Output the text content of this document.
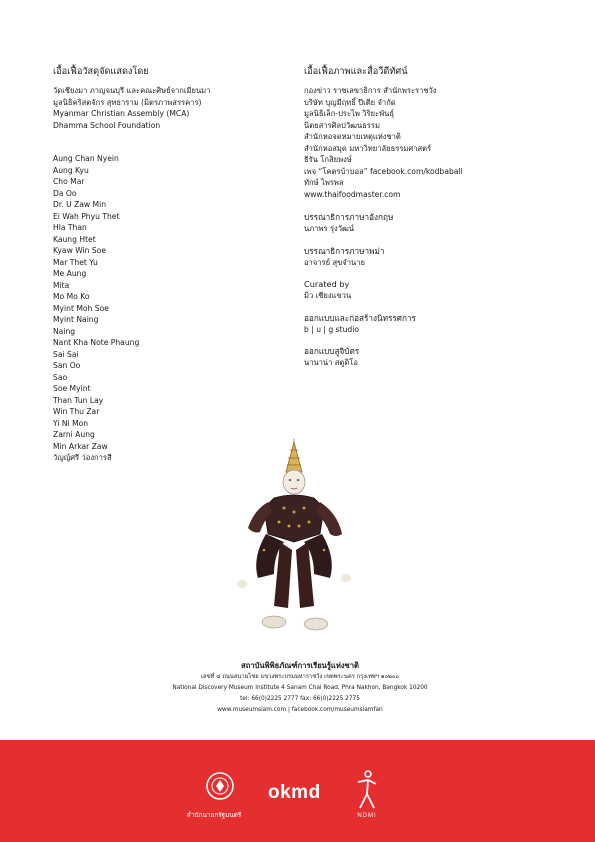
เอื้อเฟื้อวัสดุจัดแสดงโดย
วัดเชียงมา ภาญจนบุรี และคณะศิษย์จากเมียนมา
มูลนิธิคริสตจักร สุทธาราม (มิตรภาพสรรคาร)
Myanmar Christian Assembly (MCA)
Dhamma School Foundation
Aung Chan Nyein
Aung Kyu
Cho Mar
Da Oo
Dr. U Zaw Min
Ei Wah Phyu Thet
Hla Than
Kaung Htet
Kyaw Win Soe
Mar Thet Yu
Me Aung
Mita
Mo Mo Ko
Myint Moh Soe
Myint Naing
Naing
Nant Kha Note Phaung
Sai Sai
San Oo
Sao
Soe Myint
Than Tun Lay
Win Thu Zar
Yi Ni Mon
Zarni Aung
Min Arkar Zaw
วัญญ์ศรี ว่องการสี
เอื้อเฟื้อภาพและสื่อวีดีทัศน์
กองข่าว ราชเลขาธิการ สำนักพระราชวัง
บริษัท บุญมีฤทธิ์ ปีเตีย จำกัด
มูลนิธิเล็ก-ประไพ วิริยะพันธุ์
นิตยสารศิลปวัฒนธรรม
สำนักหอจดหมายเหตุแห่งชาติ
สำนักหอสมุด มหาวิทยาลัยธรรมศาสตร์
ธีรัน โกสิยพงษ์
เพจ “โคตรบ้าบอล” facebook.com/kodbaball
ทักษ์ ไพรพล
www.thaifoodmaster.com
บรรณาธิการภาษาอังกฤษ
นภาพร รุ่งวัฒน์
บรรณาธิการภาษาพม่า
อาจารย์ สุขจำนาย
Curated by
มิว เชียงแขวน
ออกแบบและก่อสร้างนิทรรศการ
b | u | g studio
ออกแบบสูจิบัตร
นานาน่า สตูดิโอ
สถาบันพิพิธภัณฑ์การเรียนรู้แห่งชาติ
เลขที่ ๔ ถนนสนามไชย แขวงพระบรมมหาราชวัง เขตพระนคร กรุงเทพฯ ๑๐๒๐๐
National Discovery Museum Institute 4 Sanam Chai Road, Phra Nakhon, Bangkok 10200
tel: 66(0)2225 2777 fax: 66(0)2225 2775
www.museumsiam.com | facebook.com/museumsiamfan
สำนักนายกรัฐมนตรี
okmd
NDMI
